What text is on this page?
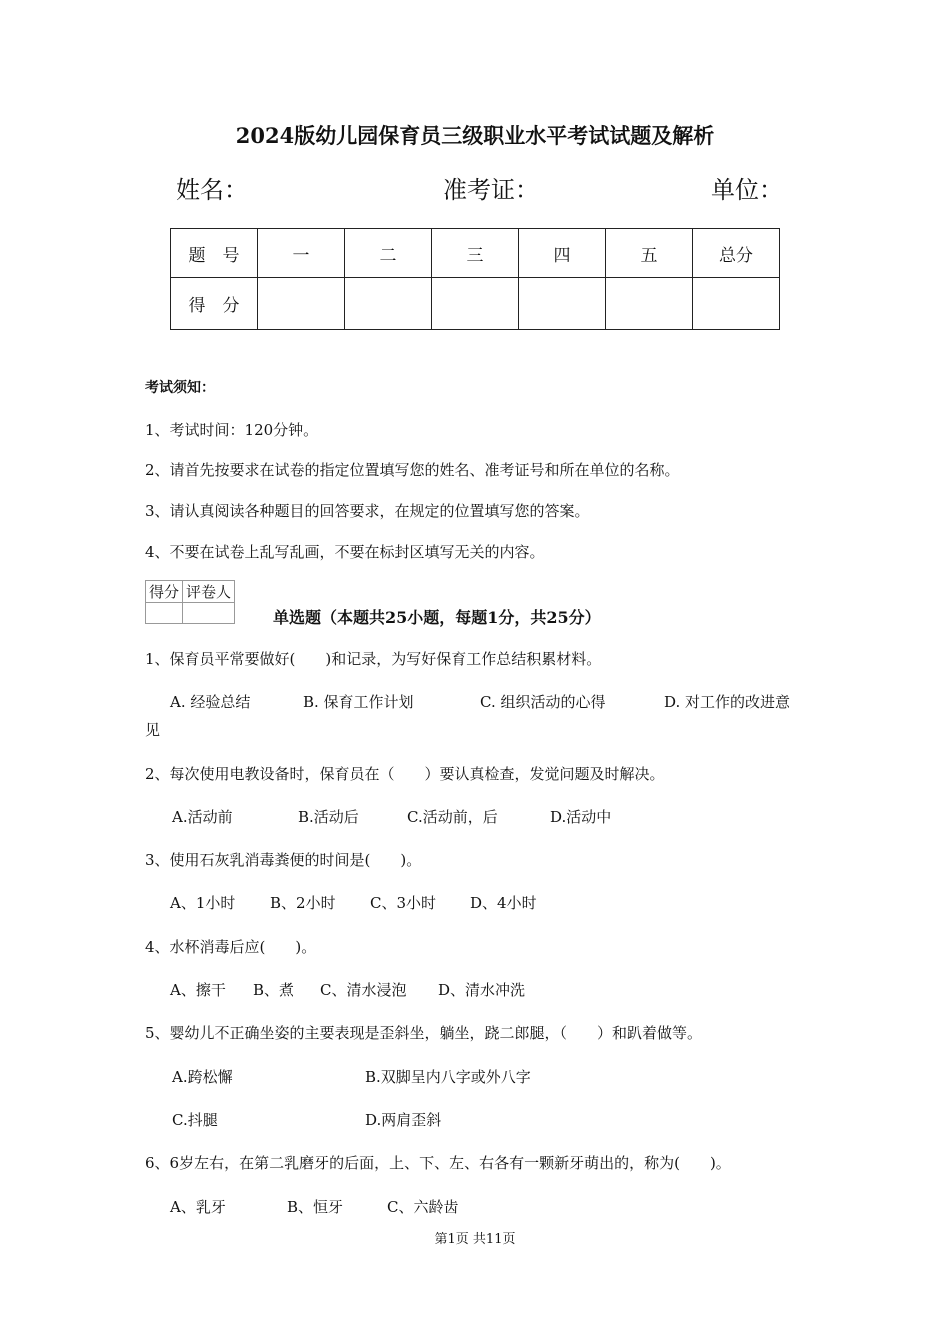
2024版幼儿园保育员三级职业水平考试试题及解析
姓名：	准考证：	单位：
题　号	一	二	三	四	五	总分
得　分						
考试须知：
1、考试时间：120分钟。
2、请首先按要求在试卷的指定位置填写您的姓名、准考证号和所在单位的名称。
3、请认真阅读各种题目的回答要求，在规定的位置填写您的答案。
4、不要在试卷上乱写乱画，不要在标封区填写无关的内容。
得分	评卷人

单选题（本题共25小题，每题1分，共25分）
1、保育员平常要做好(　　)和记录，为写好保育工作总结积累材料。
A. 经验总结	B. 保育工作计划	C. 组织活动的心得	D. 对工作的改进意
见
2、每次使用电教设备时，保育员在（　　）要认真检查，发觉问题及时解决。
A.活动前	B.活动后	C.活动前，后	D.活动中
3、使用石灰乳消毒粪便的时间是(　　)。
A、1小时 B、2小时 C、3小时 D、4小时
4、水杯消毒后应(　　)。
A、擦干 B、煮 C、清水浸泡 D、清水冲洗
5、婴幼儿不正确坐姿的主要表现是歪斜坐，躺坐，跷二郎腿，（　　）和趴着做等。
A.跨松懈	B.双脚呈内八字或外八字
C.抖腿	D.两肩歪斜
6、6岁左右，在第二乳磨牙的后面，上、下、左、右各有一颗新牙萌出的，称为(　　)。
A、乳牙	B、恒牙	C、六龄齿
第1页 共11页
